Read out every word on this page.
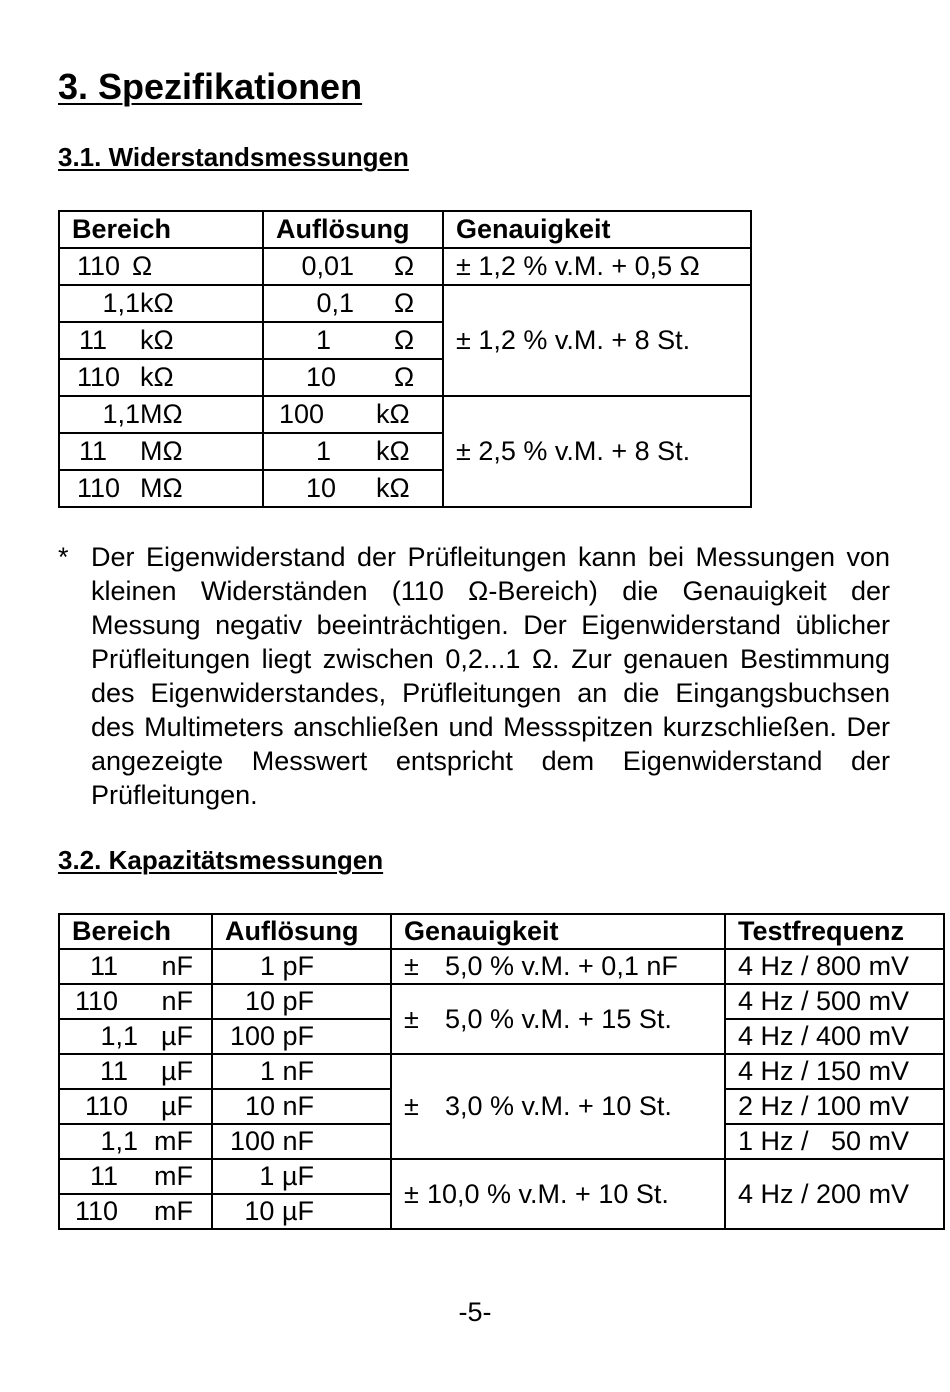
3. Spezifikationen
3.1. Widerstandsmessungen
Bereich	Auflösung	Genauigkeit
110 Ω	0,01 Ω	± 1,2 % v.M. + 0,5 Ω
1,1kΩ	0,1 Ω	± 1,2 % v.M. + 8 St.
11 kΩ	1 Ω	
110 kΩ	10 Ω	
1,1MΩ	100 kΩ	± 2,5 % v.M. + 8 St.
11 MΩ	1 kΩ	
110 MΩ	10 kΩ	
* Der Eigenwiderstand der Prüfleitungen kann bei Messungen von kleinen Widerständen (110 Ω-Bereich) die Genauigkeit der Messung negativ beeinträchtigen. Der Eigenwiderstand üblicher Prüfleitungen liegt zwischen 0,2...1 Ω. Zur genauen Bestimmung des Eigenwiderstandes, Prüfleitungen an die Eingangsbuchsen des Multimeters anschließen und Messspitzen kurzschließen. Der angezeigte Messwert entspricht dem Eigenwiderstand der Prüfleitungen.
3.2. Kapazitätsmessungen
Bereich	Auflösung	Genauigkeit	Testfrequenz
11 nF	1 pF	± 5,0 % v.M. + 0,1 nF	4 Hz / 800 mV
110 nF	10 pF	± 5,0 % v.M. + 15 St.	4 Hz / 500 mV
1,1 µF	100 pF		4 Hz / 400 mV
11 µF	1 nF	± 3,0 % v.M. + 10 St.	4 Hz / 150 mV
110 µF	10 nF		2 Hz / 100 mV
1,1 mF	100 nF		1 Hz /   50 mV
11 mF	1 µF	± 10,0 % v.M. + 10 St.	4 Hz / 200 mV
110 mF	10 µF		
-5-
